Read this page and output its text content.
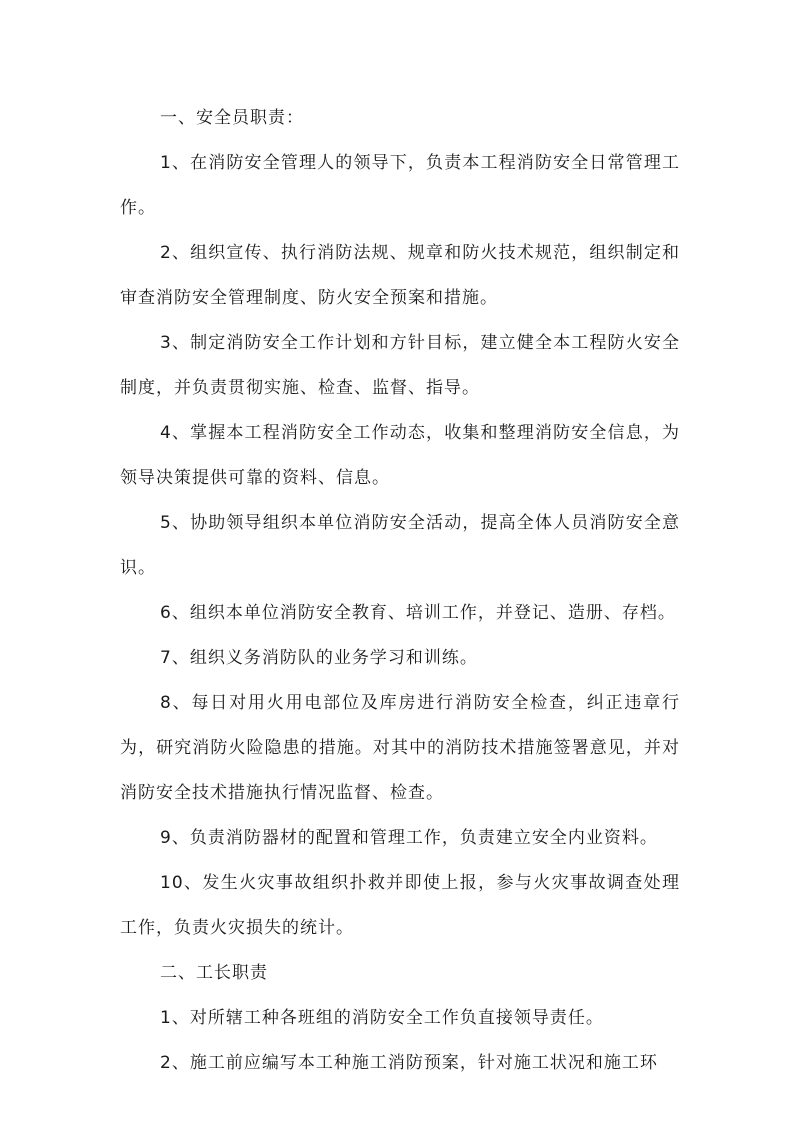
一、安全员职责：

1、在消防安全管理人的领导下，负责本工程消防安全日常管理工作。

2、组织宣传、执行消防法规、规章和防火技术规范，组织制定和审查消防安全管理制度、防火安全预案和措施。

3、制定消防安全工作计划和方针目标，建立健全本工程防火安全制度，并负责贯彻实施、检查、监督、指导。

4、掌握本工程消防安全工作动态，收集和整理消防安全信息，为领导决策提供可靠的资料、信息。

5、协助领导组织本单位消防安全活动，提高全体人员消防安全意识。

6、组织本单位消防安全教育、培训工作，并登记、造册、存档。

7、组织义务消防队的业务学习和训练。

8、每日对用火用电部位及库房进行消防安全检查，纠正违章行为，研究消防火险隐患的措施。对其中的消防技术措施签署意见，并对消防安全技术措施执行情况监督、检查。

9、负责消防器材的配置和管理工作，负责建立安全内业资料。

10、发生火灾事故组织扑救并即使上报，参与火灾事故调查处理工作，负责火灾损失的统计。

二、工长职责

1、对所辖工种各班组的消防安全工作负直接领导责任。

2、施工前应编写本工种施工消防预案，针对施工状况和施工环
